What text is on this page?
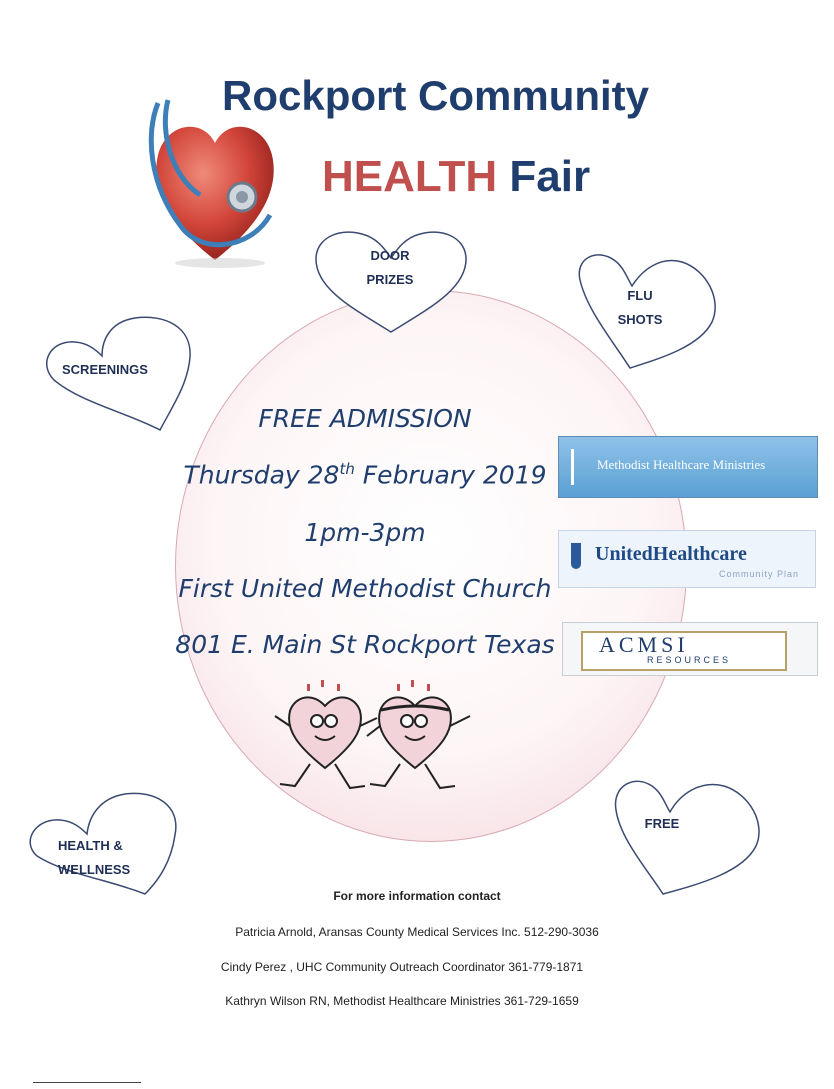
Rockport Community
HEALTH Fair
DOOR
PRIZES
FLU
SHOTS
SCREENINGS
HEALTH &
WELLNESS
FREE
FREE ADMISSION
Thursday 28th February 2019
1pm-3pm
First United Methodist Church
801 E. Main St Rockport Texas
Methodist Healthcare Ministries
UnitedHealthcare
Community Plan
ACMSI
RESOURCES
For more information contact
Patricia Arnold, Aransas County Medical Services Inc. 512-290-3036
Cindy Perez , UHC Community Outreach Coordinator 361-779-1871
Kathryn Wilson RN, Methodist Healthcare Ministries 361-729-1659
